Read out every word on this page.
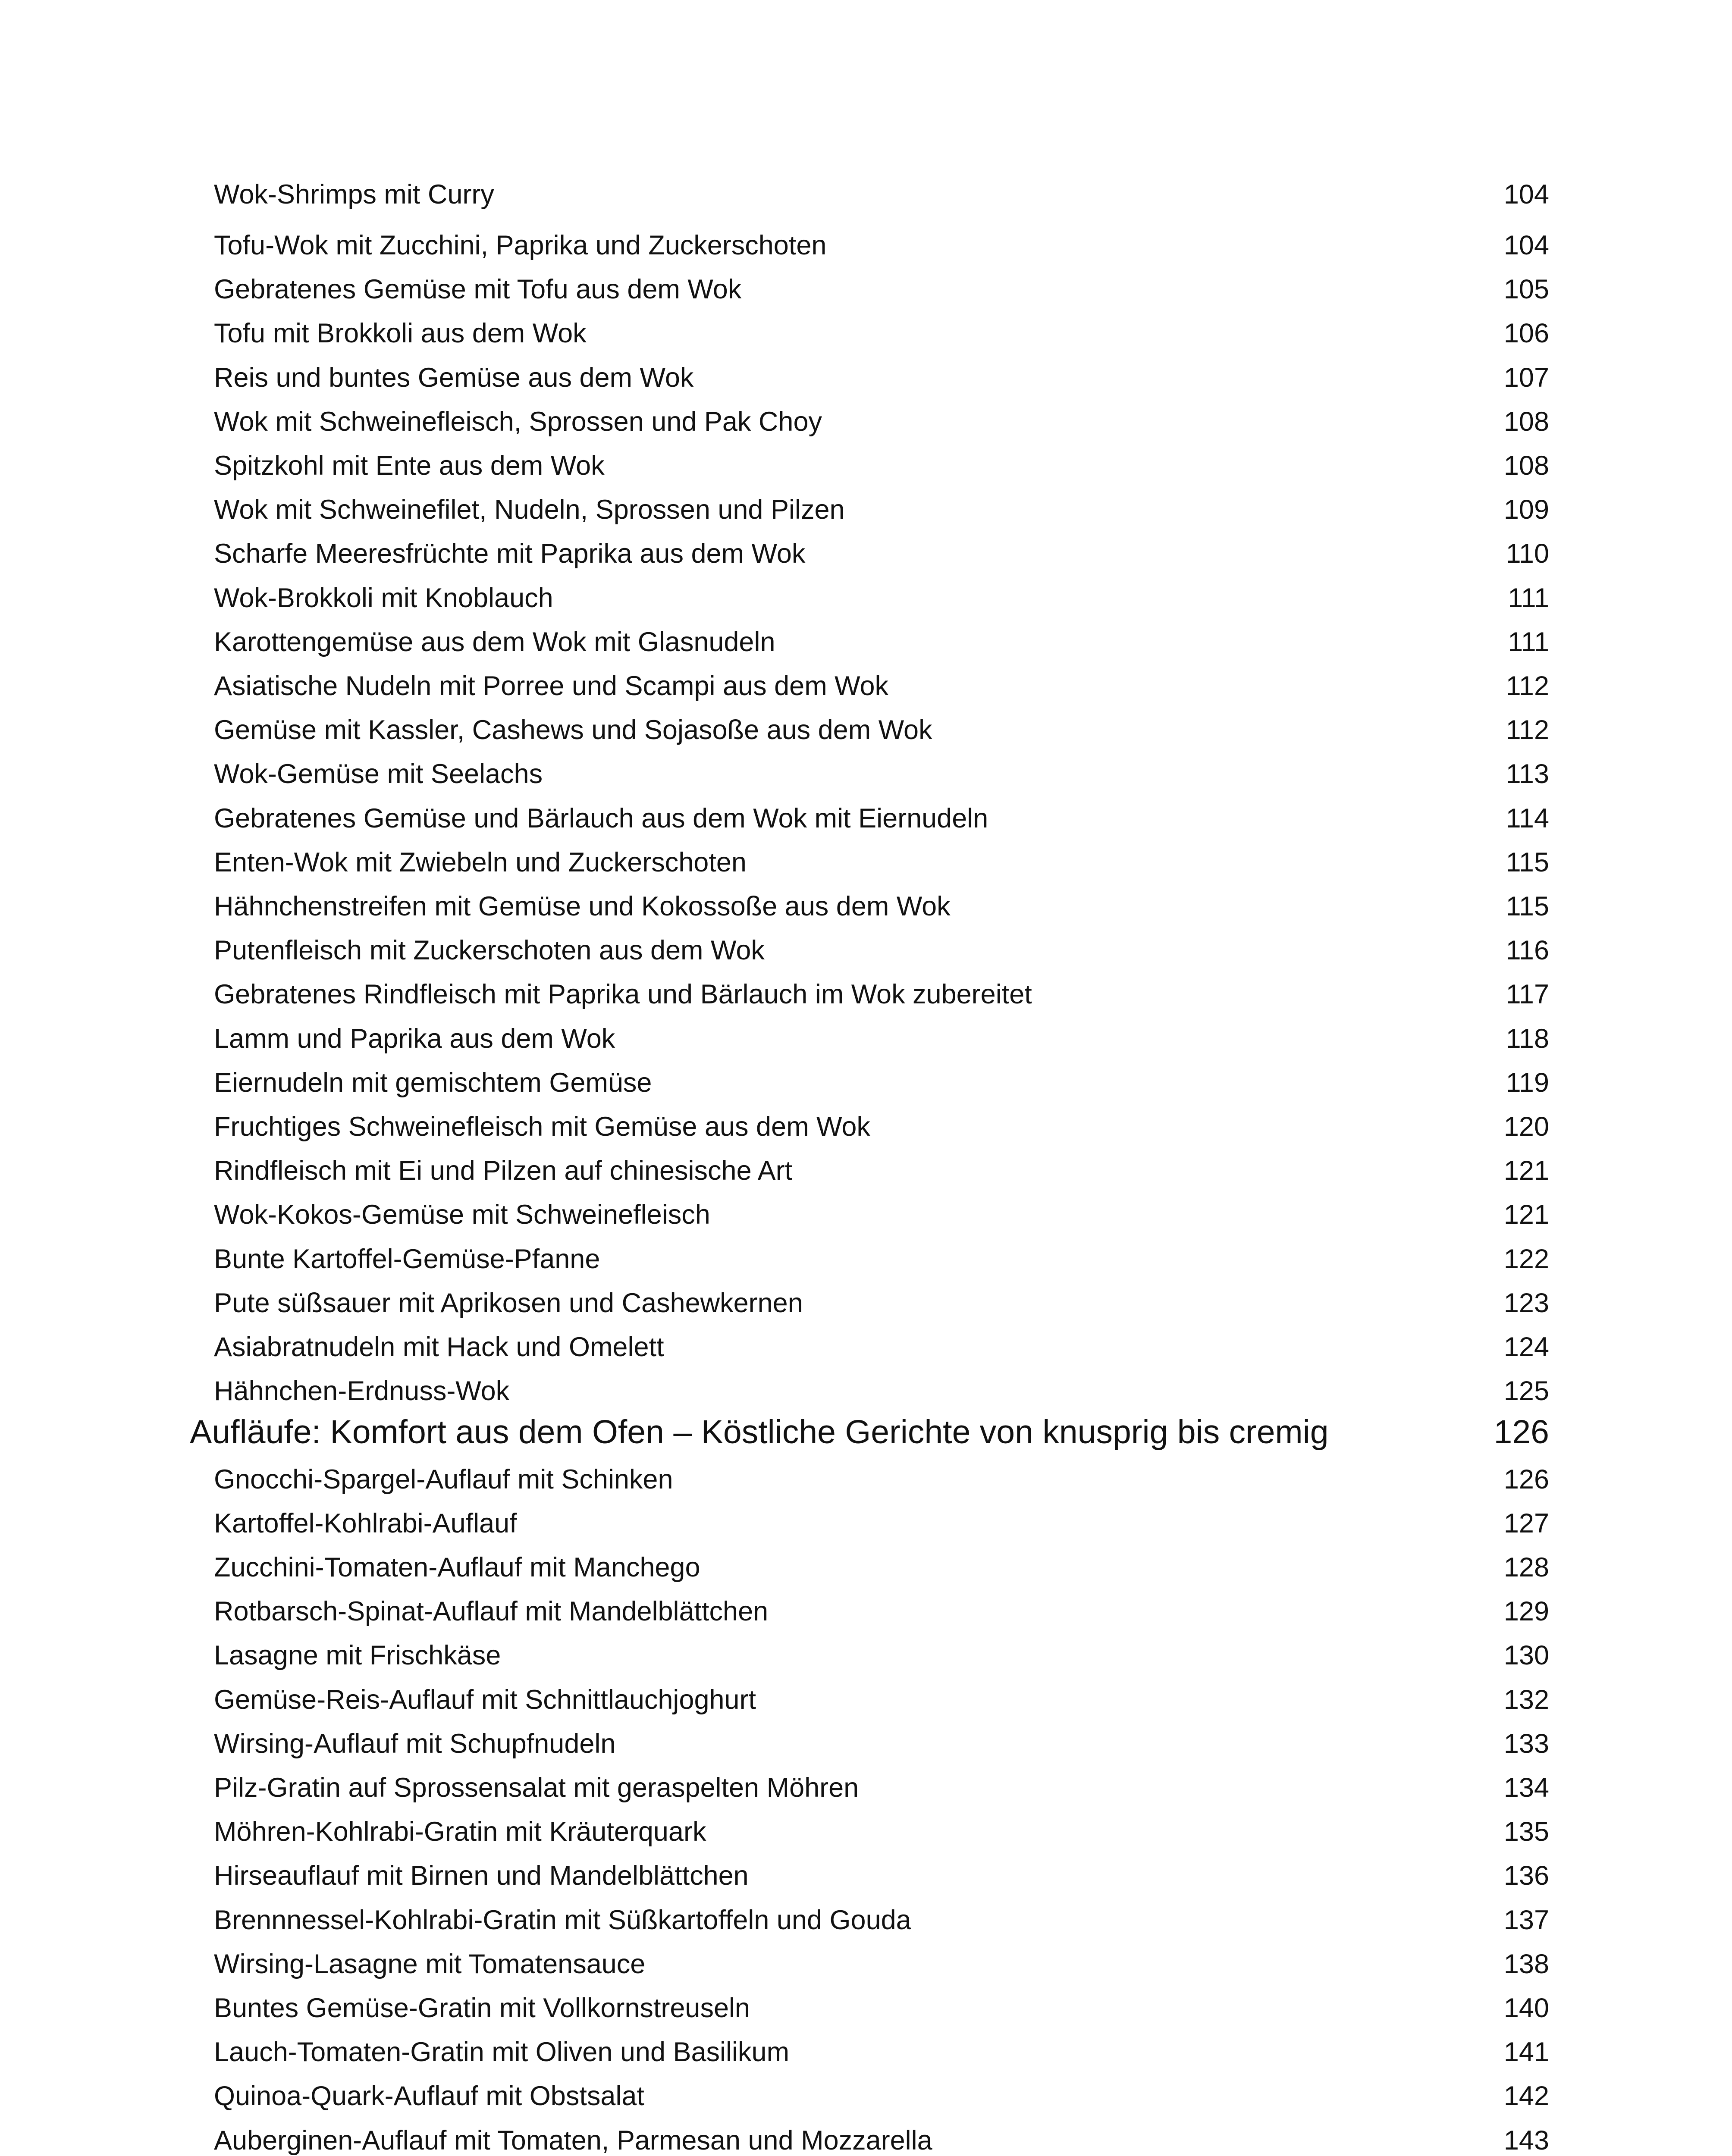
Wok-Shrimps mit Curry	104
Tofu-Wok mit Zucchini, Paprika und Zuckerschoten	104
Gebratenes Gemüse mit Tofu aus dem Wok	105
Tofu mit Brokkoli aus dem Wok	106
Reis und buntes Gemüse aus dem Wok	107
Wok mit Schweinefleisch, Sprossen und Pak Choy	108
Spitzkohl mit Ente aus dem Wok	108
Wok mit Schweinefilet, Nudeln, Sprossen und Pilzen	109
Scharfe Meeresfrüchte mit Paprika aus dem Wok	110
Wok-Brokkoli mit Knoblauch	111
Karottengemüse aus dem Wok mit Glasnudeln	111
Asiatische Nudeln mit Porree und Scampi aus dem Wok	112
Gemüse mit Kassler, Cashews und Sojasoße aus dem Wok	112
Wok-Gemüse mit Seelachs	113
Gebratenes Gemüse und Bärlauch aus dem Wok mit Eiernudeln	114
Enten-Wok mit Zwiebeln und Zuckerschoten	115
Hähnchenstreifen mit Gemüse und Kokossoße aus dem Wok	115
Putenfleisch mit Zuckerschoten aus dem Wok	116
Gebratenes Rindfleisch mit Paprika und Bärlauch im Wok zubereitet	117
Lamm und Paprika aus dem Wok	118
Eiernudeln mit gemischtem Gemüse	119
Fruchtiges Schweinefleisch mit Gemüse aus dem Wok	120
Rindfleisch mit Ei und Pilzen auf chinesische Art	121
Wok-Kokos-Gemüse mit Schweinefleisch	121
Bunte Kartoffel-Gemüse-Pfanne	122
Pute süßsauer mit Aprikosen und Cashewkernen	123
Asiabratnudeln mit Hack und Omelett	124
Hähnchen-Erdnuss-Wok	125
Aufläufe: Komfort aus dem Ofen – Köstliche Gerichte von knusprig bis cremig	126
Gnocchi-Spargel-Auflauf mit Schinken	126
Kartoffel-Kohlrabi-Auflauf	127
Zucchini-Tomaten-Auflauf mit Manchego	128
Rotbarsch-Spinat-Auflauf mit Mandelblättchen	129
Lasagne mit Frischkäse	130
Gemüse-Reis-Auflauf mit Schnittlauchjoghurt	132
Wirsing-Auflauf mit Schupfnudeln	133
Pilz-Gratin auf Sprossensalat mit geraspelten Möhren	134
Möhren-Kohlrabi-Gratin mit Kräuterquark	135
Hirseauflauf mit Birnen und Mandelblättchen	136
Brennnessel-Kohlrabi-Gratin mit Süßkartoffeln und Gouda	137
Wirsing-Lasagne mit Tomatensauce	138
Buntes Gemüse-Gratin mit Vollkornstreuseln	140
Lauch-Tomaten-Gratin mit Oliven und Basilikum	141
Quinoa-Quark-Auflauf mit Obstsalat	142
Auberginen-Auflauf mit Tomaten, Parmesan und Mozzarella	143
